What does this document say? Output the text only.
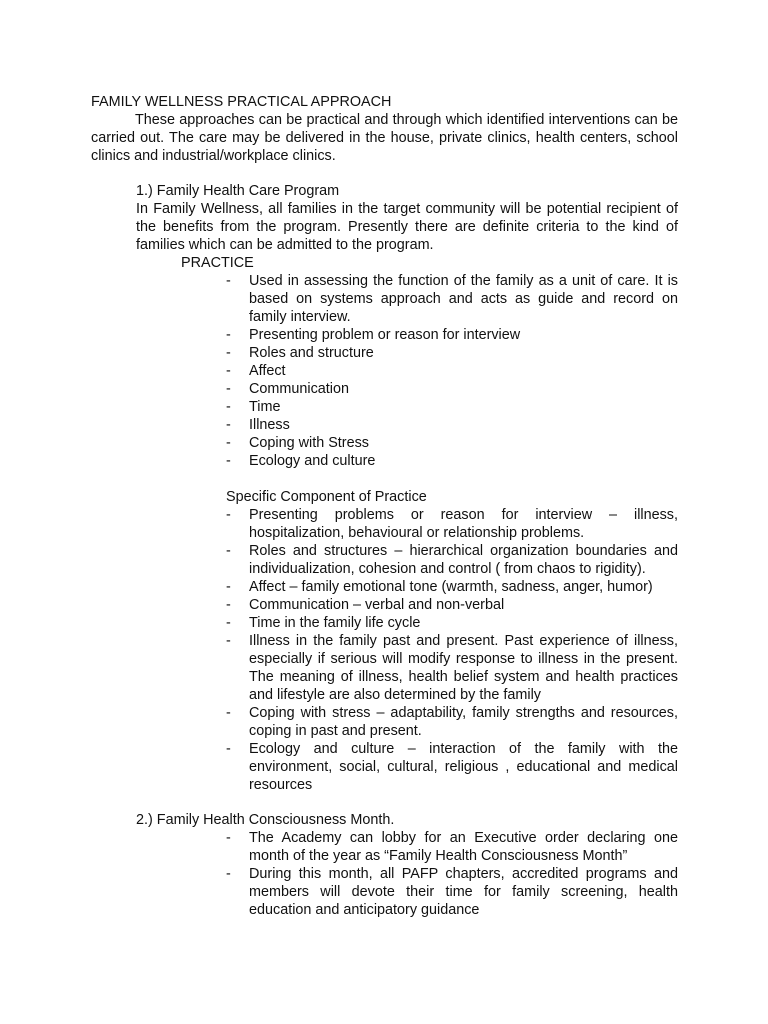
FAMILY WELLNESS PRACTICAL APPROACH

These approaches can be practical and through which identified interventions can be carried out. The care may be delivered in the house, private clinics, health centers, school clinics and industrial/workplace clinics.

1.) Family Health Care Program

In Family Wellness, all families in the target community will be potential recipient of the benefits from the program. Presently there are definite criteria to the kind of families which can be admitted to the program.

PRACTICE
- Used in assessing the function of the family as a unit of care. It is based on systems approach and acts as guide and record on family interview.
- Presenting problem or reason for interview
- Roles and structure
- Affect
- Communication
- Time
- Illness
- Coping with Stress
- Ecology and culture
Specific Component of Practice
- Presenting problems or reason for interview – illness, hospitalization, behavioural or relationship problems.
- Roles and structures – hierarchical organization boundaries and individualization, cohesion and control ( from chaos to rigidity).
- Affect – family emotional tone (warmth, sadness, anger, humor)
- Communication – verbal and non-verbal
- Time in the family life cycle
- Illness in the family past and present. Past experience of illness, especially if serious will modify response to illness in the present. The meaning of illness, health belief system and health practices and lifestyle are also determined by the family
- Coping with stress – adaptability, family strengths and resources, coping in past and present.
- Ecology and culture – interaction of the family with the environment, social, cultural, religious , educational and medical resources
2.) Family Health Consciousness Month.
- The Academy can lobby for an Executive order declaring one month of the year as “Family Health Consciousness Month”
- During this month, all PAFP chapters, accredited programs and members will devote their time for family screening, health education and anticipatory guidance
